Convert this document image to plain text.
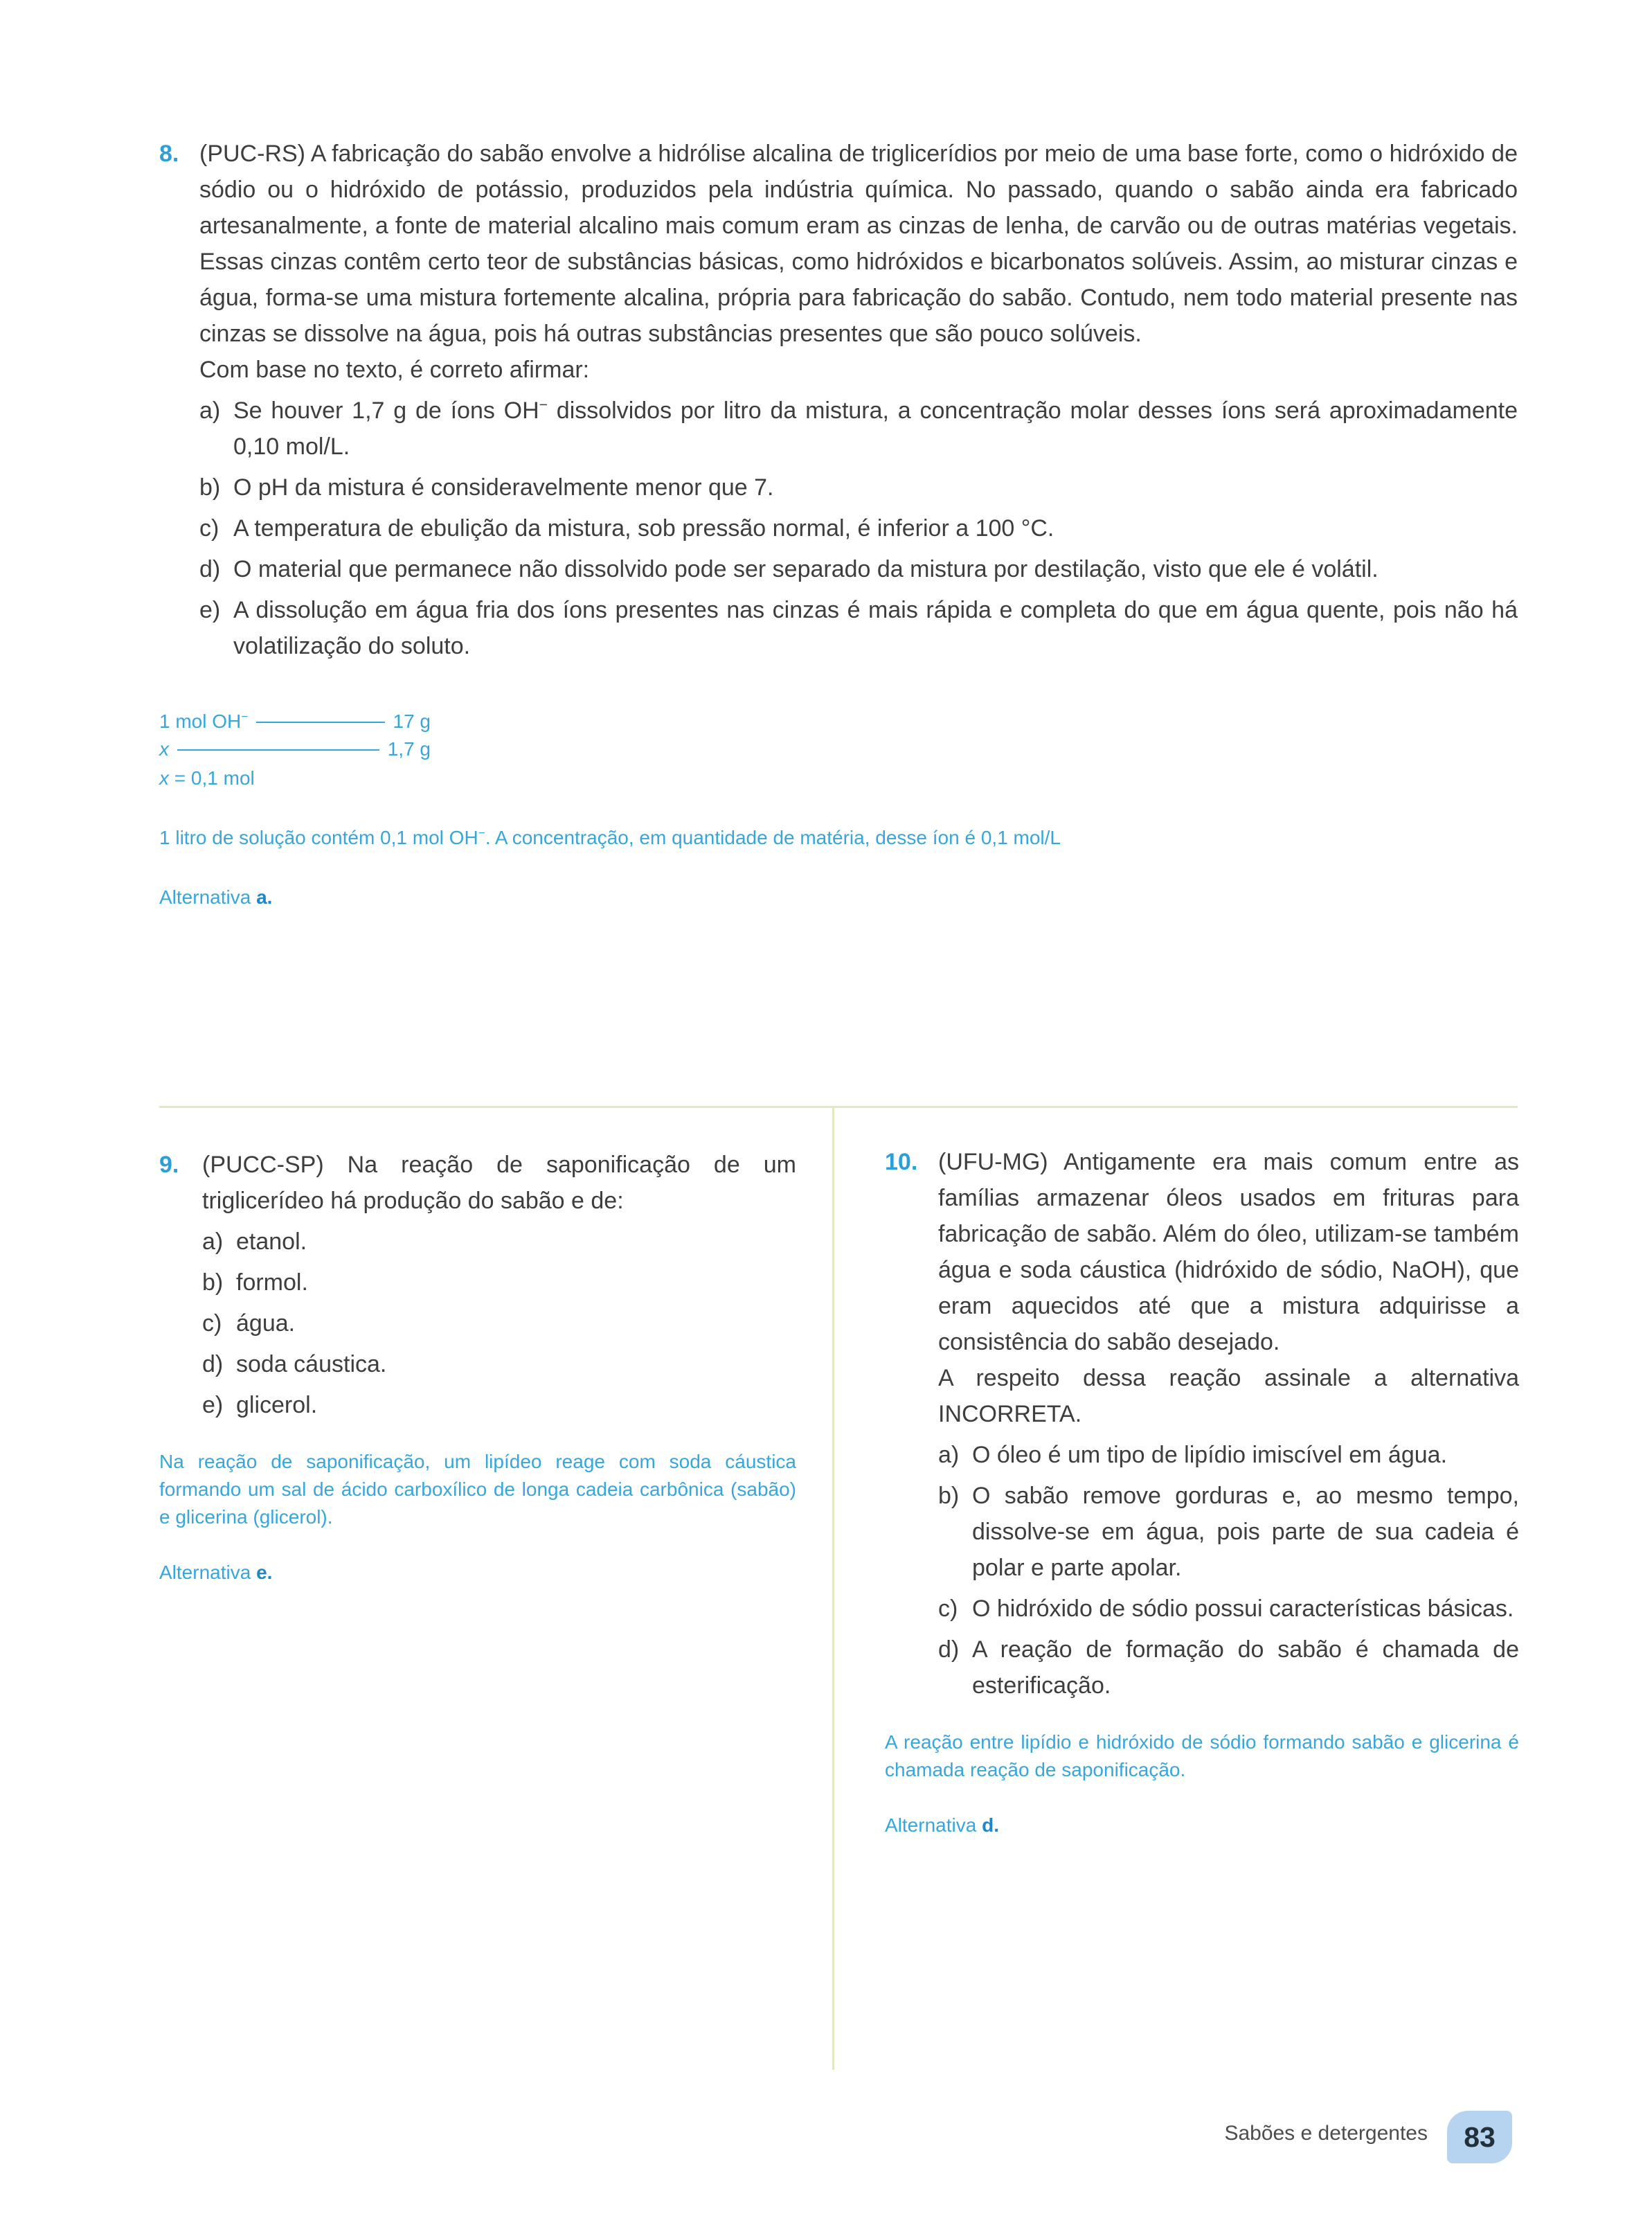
8. (PUC-RS) A fabricação do sabão envolve a hidrólise alcalina de triglicerídios por meio de uma base forte, como o hidróxido de sódio ou o hidróxido de potássio, produzidos pela indústria química. No passado, quando o sabão ainda era fabricado artesanalmente, a fonte de material alcalino mais comum eram as cinzas de lenha, de carvão ou de outras matérias vegetais. Essas cinzas contêm certo teor de substâncias básicas, como hidróxidos e bicarbonatos solúveis. Assim, ao misturar cinzas e água, forma-se uma mistura fortemente alcalina, própria para fabricação do sabão. Contudo, nem todo material presente nas cinzas se dissolve na água, pois há outras substâncias presentes que são pouco solúveis.
Com base no texto, é correto afirmar:
a) Se houver 1,7 g de íons OH− dissolvidos por litro da mistura, a concentração molar desses íons será aproximadamente 0,10 mol/L.
b) O pH da mistura é consideravelmente menor que 7.
c) A temperatura de ebulição da mistura, sob pressão normal, é inferior a 100 °C.
d) O material que permanece não dissolvido pode ser separado da mistura por destilação, visto que ele é volátil.
e) A dissolução em água fria dos íons presentes nas cinzas é mais rápida e completa do que em água quente, pois não há volatilização do soluto.
1 mol OH−	17 g
x	1,7 g
x = 0,1 mol
1 litro de solução contém 0,1 mol OH−. A concentração, em quantidade de matéria, desse íon é 0,1 mol/L
Alternativa a.
9. (PUCC-SP) Na reação de saponificação de um triglicerídeo há produção do sabão e de:
a) etanol.
b) formol.
c) água.
d) soda cáustica.
e) glicerol.
Na reação de saponificação, um lipídeo reage com soda cáustica formando um sal de ácido carboxílico de longa cadeia carbônica (sabão) e glicerina (glicerol).
Alternativa e.
10. (UFU-MG) Antigamente era mais comum entre as famílias armazenar óleos usados em frituras para fabricação de sabão. Além do óleo, utilizam-se também água e soda cáustica (hidróxido de sódio, NaOH), que eram aquecidos até que a mistura adquirisse a consistência do sabão desejado.
A respeito dessa reação assinale a alternativa INCORRETA.
a) O óleo é um tipo de lipídio imiscível em água.
b) O sabão remove gorduras e, ao mesmo tempo, dissolve-se em água, pois parte de sua cadeia é polar e parte apolar.
c) O hidróxido de sódio possui características básicas.
d) A reação de formação do sabão é chamada de esterificação.
A reação entre lipídio e hidróxido de sódio formando sabão e glicerina é chamada reação de saponificação.
Alternativa d.
Sabões e detergentes 83
